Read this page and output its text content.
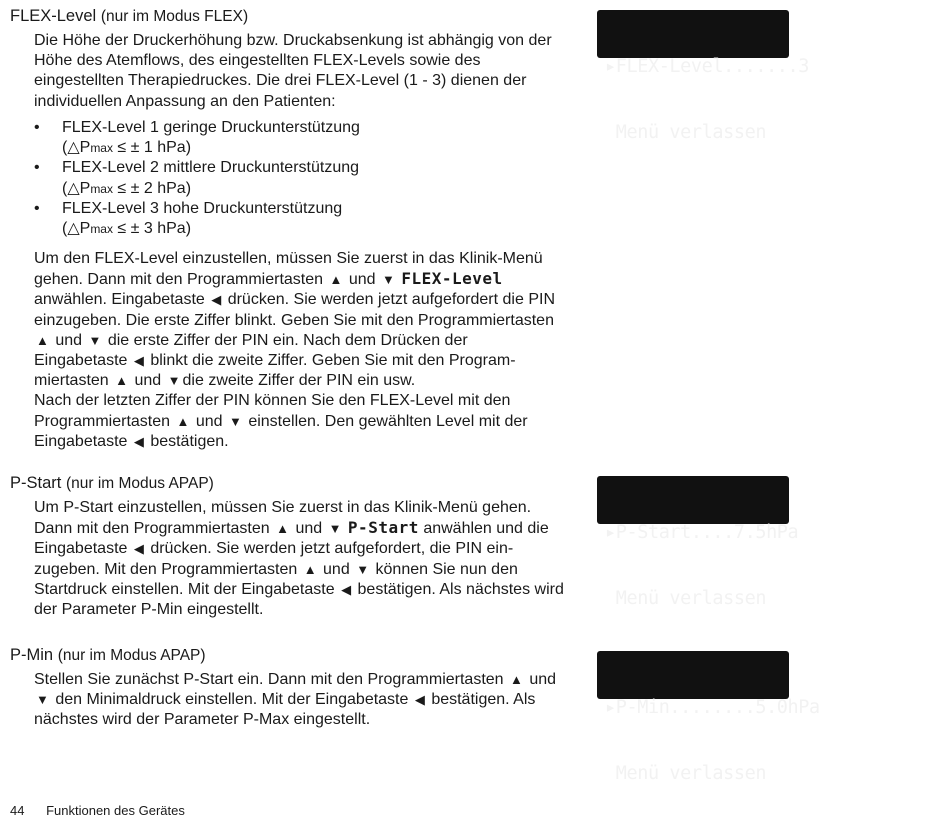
FLEX-Level (nur im Modus FLEX)

Die Höhe der Druckerhöhung bzw. Druckabsenkung ist abhängig von der Höhe des Atemflows, des eingestellten FLEX-Levels sowie des eingestellten Therapiedruckes. Die drei FLEX-Level (1 - 3) dienen der individuellen Anpassung an den Patienten:

• FLEX-Level 1 geringe Druckunterstützung
(△Pmax ≤ ± 1 hPa)
• FLEX-Level 2 mittlere Druckunterstützung
(△Pmax ≤ ± 2 hPa)
• FLEX-Level 3 hohe Druckunterstützung
(△Pmax ≤ ± 3 hPa)

Um den FLEX-Level einzustellen, müssen Sie zuerst in das Klinik-Menü gehen. Dann mit den Programmiertasten ▲ und ▼ FLEX-Level anwählen. Eingabetaste ◀ drücken. Sie werden jetzt aufgefordert die PIN einzugeben. Die erste Ziffer blinkt. Geben Sie mit den Programmiertasten ▲ und ▼ die erste Ziffer der PIN ein. Nach dem Drücken der Eingabetaste ◀ blinkt die zweite Ziffer. Geben Sie mit den Programmiertasten ▲ und ▼ die zweite Ziffer der PIN ein usw.

Nach der letzten Ziffer der PIN können Sie den FLEX-Level mit den Programmiertasten ▲ und ▼ einstellen. Den gewählten Level mit der Eingabetaste ◀ bestätigen.

▸FLEX-Level.......3

Menü verlassen

P-Start (nur im Modus APAP)

Um P-Start einzustellen, müssen Sie zuerst in das Klinik-Menü gehen. Dann mit den Programmiertasten ▲ und ▼ P-Start anwählen und die Eingabetaste ◀ drücken. Sie werden jetzt aufgefordert, die PIN einzugeben. Mit den Programmiertasten ▲ und ▼ können Sie nun den Startdruck einstellen. Mit der Eingabetaste ◀ bestätigen. Als nächstes wird der Parameter P-Min eingestellt.

▸P-Start....7.5hPa

Menü verlassen

P-Min (nur im Modus APAP)

Stellen Sie zunächst P-Start ein. Dann mit den Programmiertasten ▲ und ▼ den Minimaldruck einstellen. Mit der Eingabetaste ◀ bestätigen. Als nächstes wird der Parameter P-Max eingestellt.

▸P-Min........5.0hPa

Menü verlassen

44 Funktionen des Gerätes
